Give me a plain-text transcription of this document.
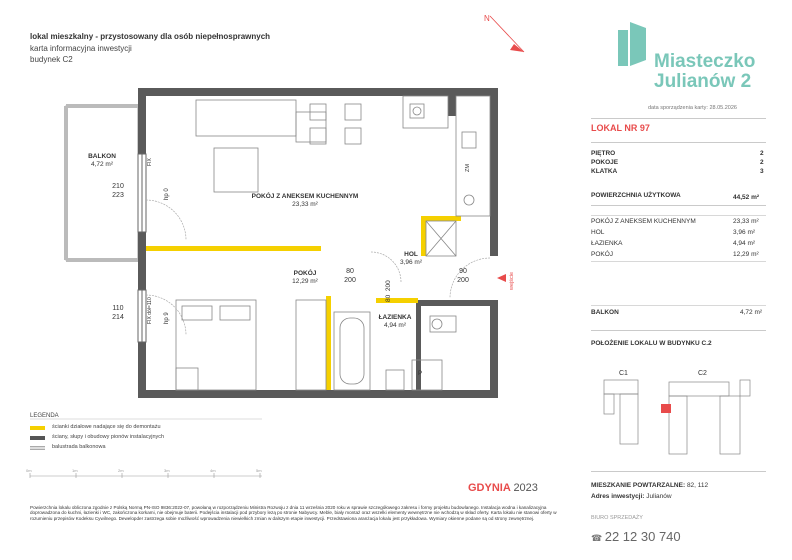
lokal mieszkalny - przystosowany dla osób niepełnosprawnych
karta informacyjna inwestycji
budynek C2
BALKON
4,72 m²
POKÓJ Z ANEKSEM KUCHENNYM
23,33 m²
POKÓJ
12,29 m²
HOL
3,96 m²
ŁAZIENKA
4,94 m²
210
223
110
214
FIX
hp 0
FIX dół=110	hp 9
80
200
80  200
90
200	wejście
ZM
P
N
LEGENDA
ścianki działowe nadające się do demontażu
ściany, słupy i obudowy pionów instalacyjnych
balustrada balkonowa
0m	1m	2m	3m	4m	5m
GDYNIA 2023
Powierzchnia lokalu obliczona zgodnie z Polską Normą PN-ISO 9836:2022-07, powołaną w rozporządzeniu Ministra Rozwoju z dnia 11 września 2020 roku w sprawie szczegółowego zakresu i formy projektu budowlanego. Instalacja wodna i kanalizacyjna doprowadzona do kuchni, łazienki i WC, zakończona korkami, nie obejmuje baterii. Podejścia instalacji pod przybory lezą po stronie Nabywcy. Meble, biały montaż oraz wszelki elementy wewnętrzne nie wchodzą w skład oferty. Karta lokalu nie stanowi oferty w rozumieniu przepisów Kodeksu Cywilnego. Dewelopder zastrzega sobie możliwość wprowadzenia niewielkich zmian w dalszym etapie inwestycji. Przedstawiona aranżacja lokalu jest przykładowa. Wymiary okienne podane są od strony zewnętrznej.
Miasteczko
Julianów 2
data sporządzenia karty: 28.05.2026
LOKAL NR 97
PIĘTRO	2
POKOJE	2
KLATKA	3
POWIERZCHNIA UŻYTKOWA	44,52 m²
POKÓJ Z ANEKSEM KUCHENNYM	23,33 m²
HOL	3,96 m²
ŁAZIENKA	4,94 m²
POKÓJ	12,29 m²
BALKON	4,72 m²
POŁOŻENIE LOKALU W BUDYNKU C.2
C1	C2
MIESZKANIE POWTARZALNE: 82, 112
Adres inwestycji: Julianów
BIURO SPRZEDAŻY
☎ 22 12 30 740
